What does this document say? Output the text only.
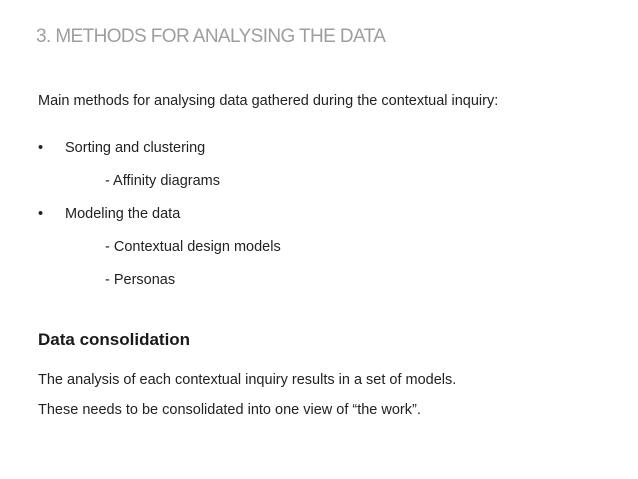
3. METHODS FOR ANALYSING THE DATA
Main methods for analysing data gathered during the contextual inquiry:
• Sorting and clustering
- Affinity diagrams
• Modeling the data
- Contextual design models
- Personas
Data consolidation
The analysis of each contextual inquiry results in a set of models.
These needs to be consolidated into one view of “the work”.
